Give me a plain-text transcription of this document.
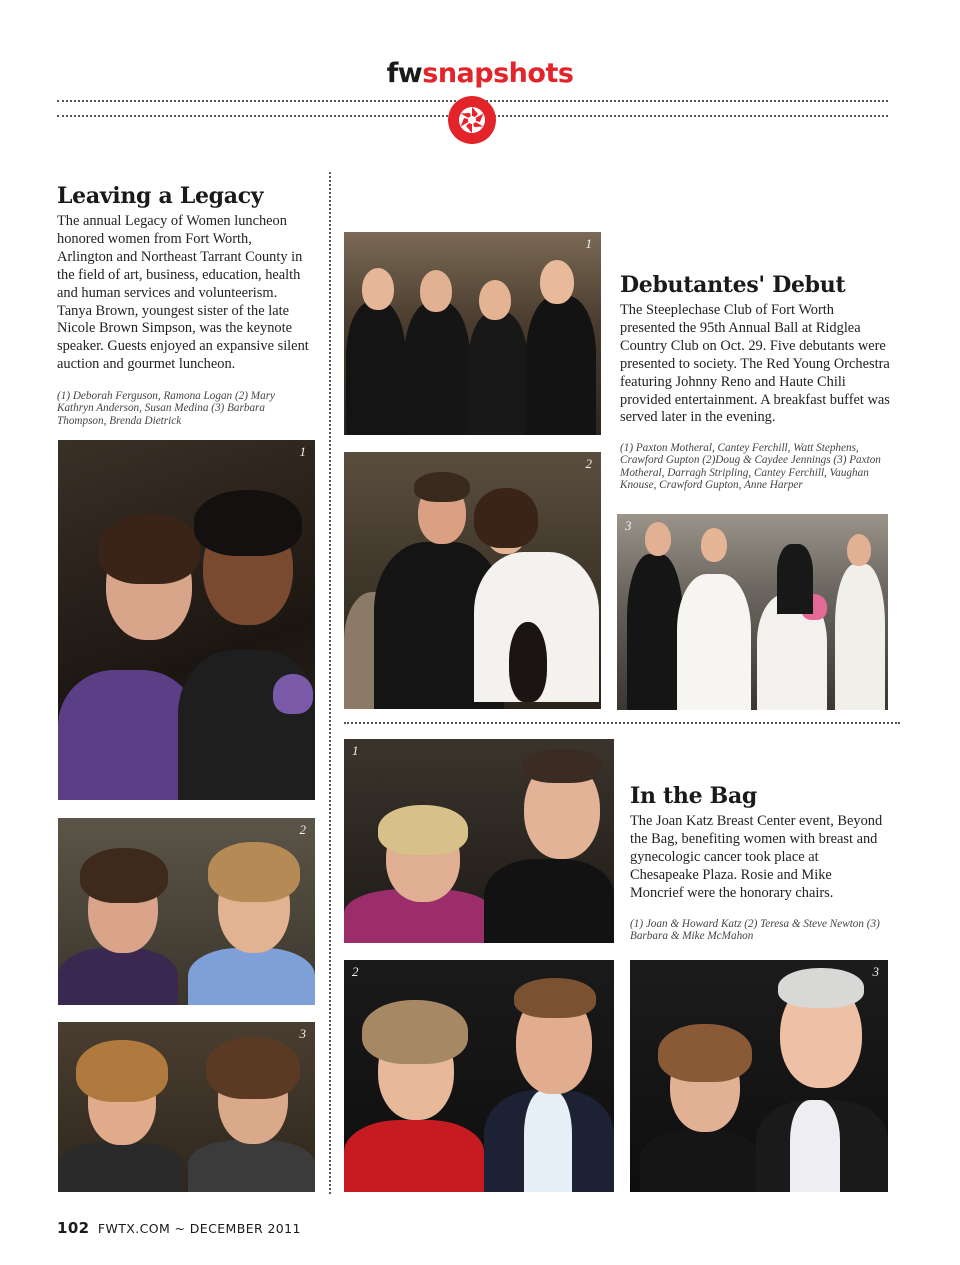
fwsnapshots
Leaving a Legacy

The annual Legacy of Women luncheon honored women from Fort Worth, Arlington and Northeast Tarrant County in the field of art, business, education, health and human services and volunteerism. Tanya Brown, youngest sister of the late Nicole Brown Simpson, was the keynote speaker. Guests enjoyed an expansive silent auction and gourmet luncheon.

(1) Deborah Ferguson, Ramona Logan (2) Mary Kathryn Anderson, Susan Medina (3) Barbara Thompson, Brenda Dietrick

1
2
3
1
Debutantes' Debut

The Steeplechase Club of Fort Worth presented the 95th Annual Ball at Ridglea Country Club on Oct. 29. Five debutants were presented to society. The Red Young Orchestra featuring Johnny Reno and Haute Chili provided entertainment. A breakfast buffet was served later in the evening.

(1) Paxton Motheral, Cantey Ferchill, Watt Stephens, Crawford Gupton (2)Doug & Caydee Jennings (3) Paxton Motheral, Darragh Stripling, Cantey Ferchill, Vaughan Knouse, Crawford Gupton, Anne Harper

2
3
1
In the Bag

The Joan Katz Breast Center event, Beyond the Bag, benefiting women with breast and gynecologic cancer took place at Chesapeake Plaza. Rosie and Mike Moncrief were the honorary chairs.

(1) Joan & Howard Katz (2) Teresa & Steve Newton (3) Barbara & Mike McMahon

2	3
102 FWTX.COM ~ DECEMBER 2011
